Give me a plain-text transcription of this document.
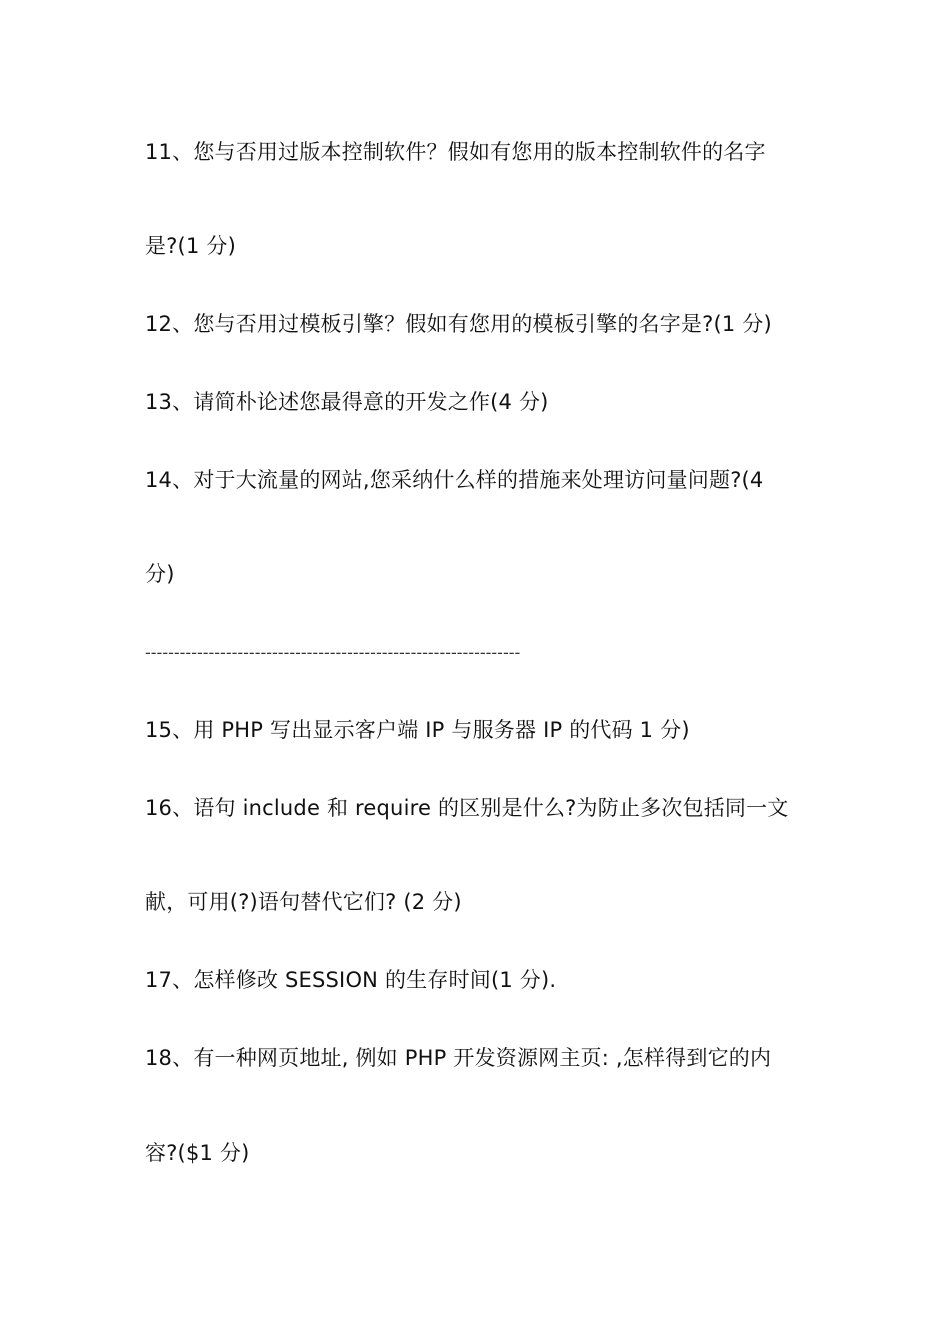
11、您与否用过版本控制软件？假如有您用的版本控制软件的名字
是?(1 分)
12、您与否用过模板引擎？假如有您用的模板引擎的名字是?(1 分)
13、请简朴论述您最得意的开发之作(4 分)
14、对于大流量的网站,您采纳什么样的措施来处理访问量问题?(4
分)
-----------------------------------------------------------------
15、用 PHP 写出显示客户端 IP 与服务器 IP 的代码 1 分)
16、语句 include 和 require 的区别是什么?为防止多次包括同一文
献，可用(?)语句替代它们? (2 分)
17、怎样修改 SESSION 的生存时间(1 分).
18、有一种网页地址, 例如 PHP 开发资源网主页: ,怎样得到它的内
容?($1 分)
